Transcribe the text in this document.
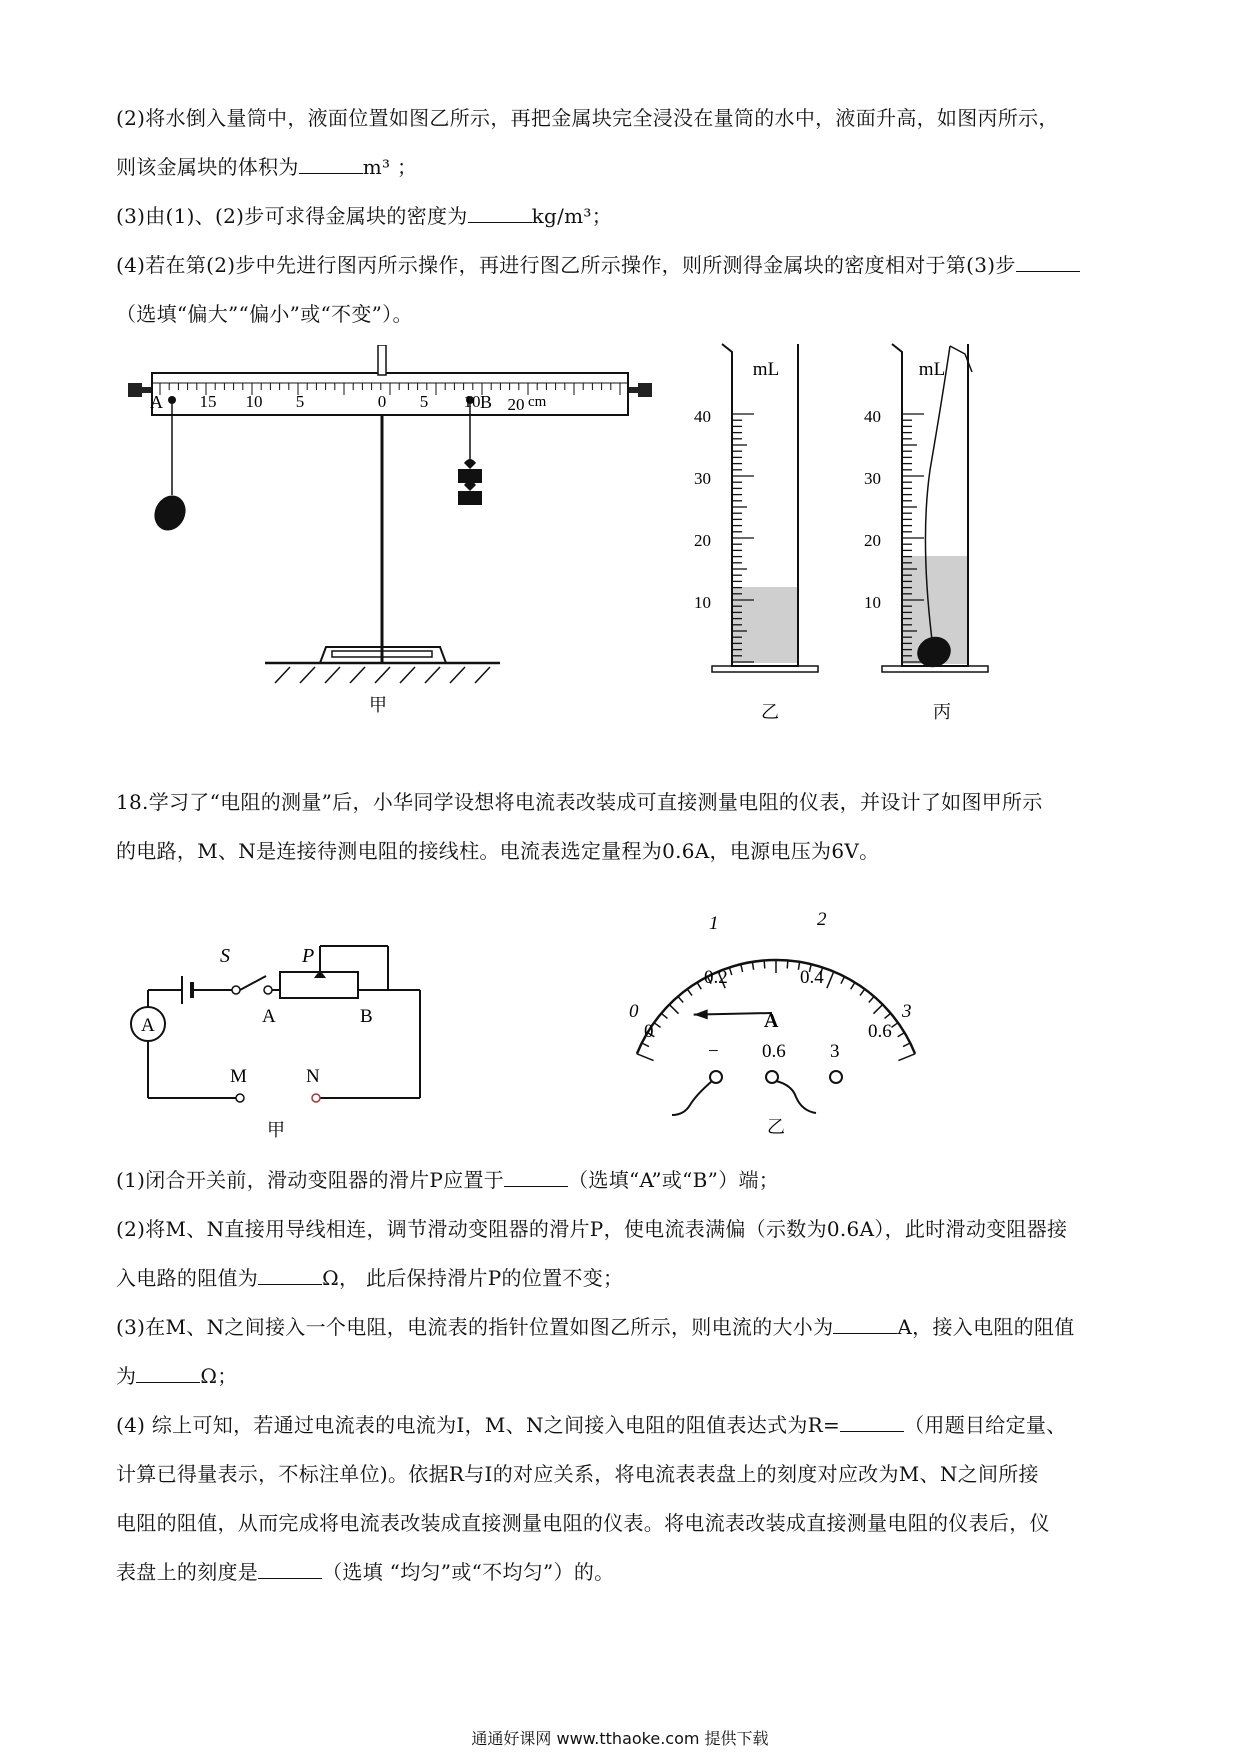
(2)将水倒入量筒中，液面位置如图乙所示，再把金属块完全浸没在量筒的水中，液面升高，如图丙所示，
则该金属块的体积为	m³ ；
(3)由(1)、(2)步可求得金属块的密度为	kg/m³；
(4)若在第(2)步中先进行图丙所示操作，再进行图乙所示操作，则所测得金属块的密度相对于第(3)步
（选填“偏大”“偏小”或“不变”）。
A	B cm
15 10 5	0 5 10 20
甲
mL	mL
40
30
20
10
40
30
20
10
乙	丙
18.学习了“电阻的测量”后，小华同学设想将电流表改装成可直接测量电阻的仪表，并设计了如图甲所示
的电路，M、N是连接待测电阻的接线柱。电流表选定量程为0.6A，电源电压为6V。
S	P
A	B
A
M	N
甲
0
1	2
3
0
0.2	0.4
0.6
A
− 0.6 3
乙
(1)闭合开关前，滑动变阻器的滑片P应置于	（选填“A”或“B”）端；
(2)将M、N直接用导线相连，调节滑动变阻器的滑片P，使电流表满偏（示数为0.6A），此时滑动变阻器接
入电路的阻值为	Ω， 此后保持滑片P的位置不变；
(3)在M、N之间接入一个电阻，电流表的指针位置如图乙所示，则电流的大小为	A，接入电阻的阻值
为	Ω；
(4) 综上可知，若通过电流表的电流为I，M、N之间接入电阻的阻值表达式为R=	（用题目给定量、
计算已得量表示，不标注单位)。依据R与I的对应关系，将电流表表盘上的刻度对应改为M、N之间所接
电阻的阻值，从而完成将电流表改装成直接测量电阻的仪表。将电流表改装成直接测量电阻的仪表后，仪
表盘上的刻度是	（选填 “均匀”或“不均匀”）的。
通通好课网 www.tthaoke.com 提供下载
